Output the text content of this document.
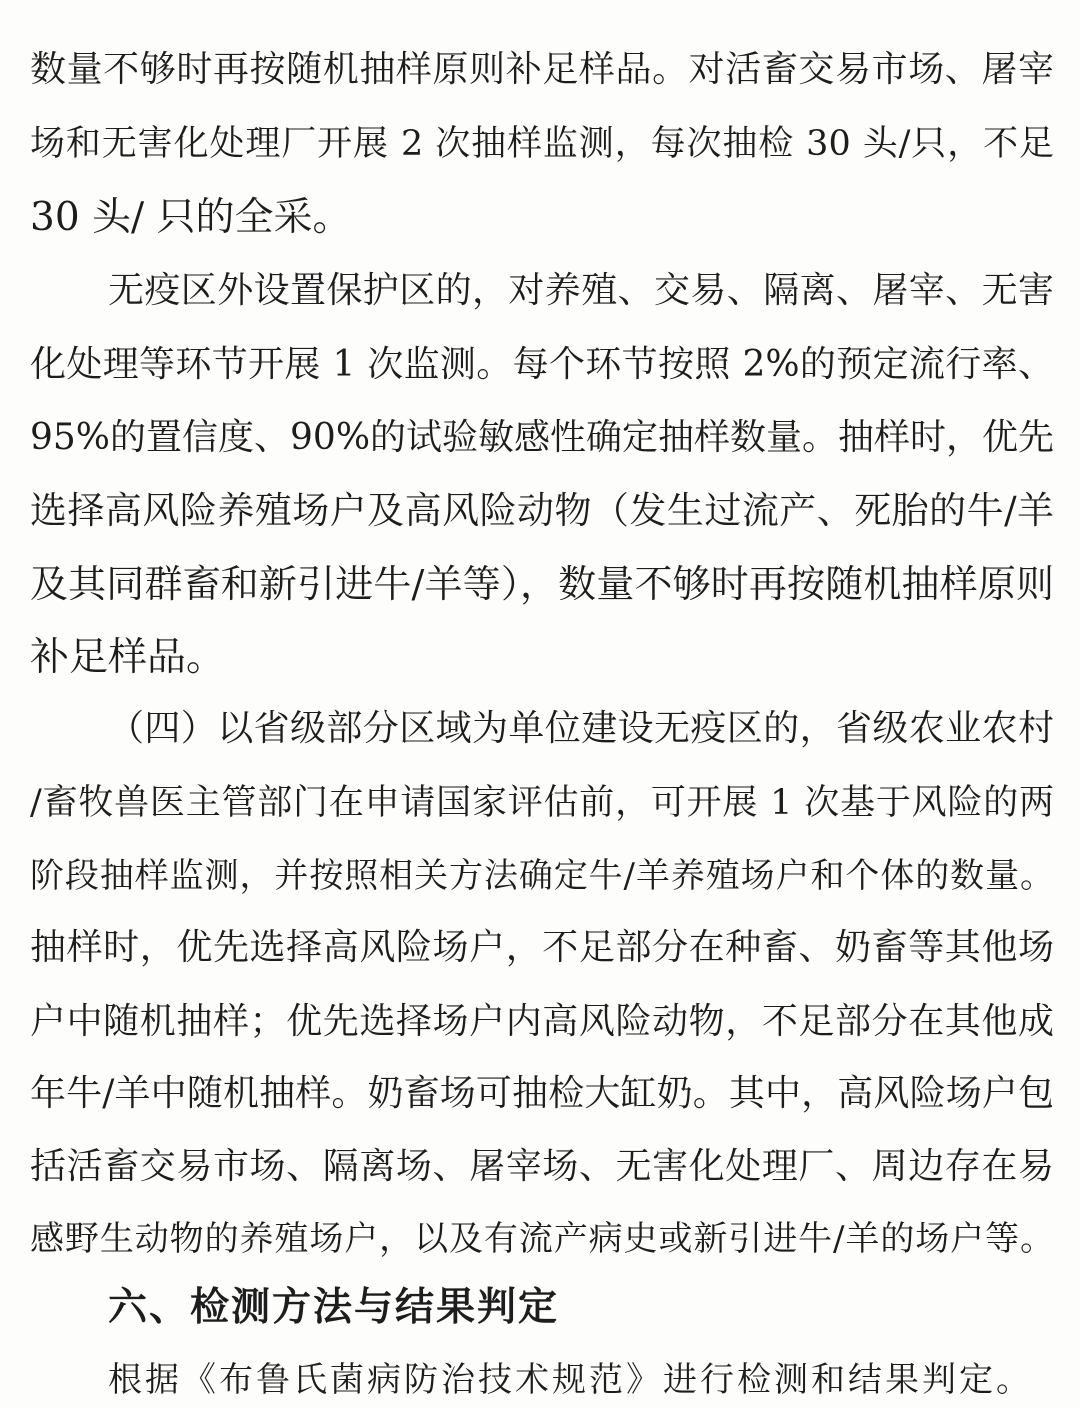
数量不够时再按随机抽样原则补足样品。对活畜交易市场、屠宰
场和无害化处理厂开展 2 次抽样监测，每次抽检 30 头/只，不足
30 头/ 只的全采。
无疫区外设置保护区的，对养殖、交易、隔离、屠宰、无害
化处理等环节开展 1 次监测。每个环节按照 2%的预定流行率、
95%的置信度、90%的试验敏感性确定抽样数量。抽样时，优先
选择高风险养殖场户及高风险动物（发生过流产、死胎的牛/羊
及其同群畜和新引进牛/羊等），数量不够时再按随机抽样原则
补足样品。
（四）以省级部分区域为单位建设无疫区的，省级农业农村
/畜牧兽医主管部门在申请国家评估前，可开展 1 次基于风险的两
阶段抽样监测，并按照相关方法确定牛/羊养殖场户和个体的数量。
抽样时，优先选择高风险场户，不足部分在种畜、奶畜等其他场
户中随机抽样；优先选择场户内高风险动物，不足部分在其他成
年牛/羊中随机抽样。奶畜场可抽检大缸奶。其中，高风险场户包
括活畜交易市场、隔离场、屠宰场、无害化处理厂、周边存在易
感野生动物的养殖场户，以及有流产病史或新引进牛/羊的场户等。
六、检测方法与结果判定
根据《布鲁氏菌病防治技术规范》进行检测和结果判定。
